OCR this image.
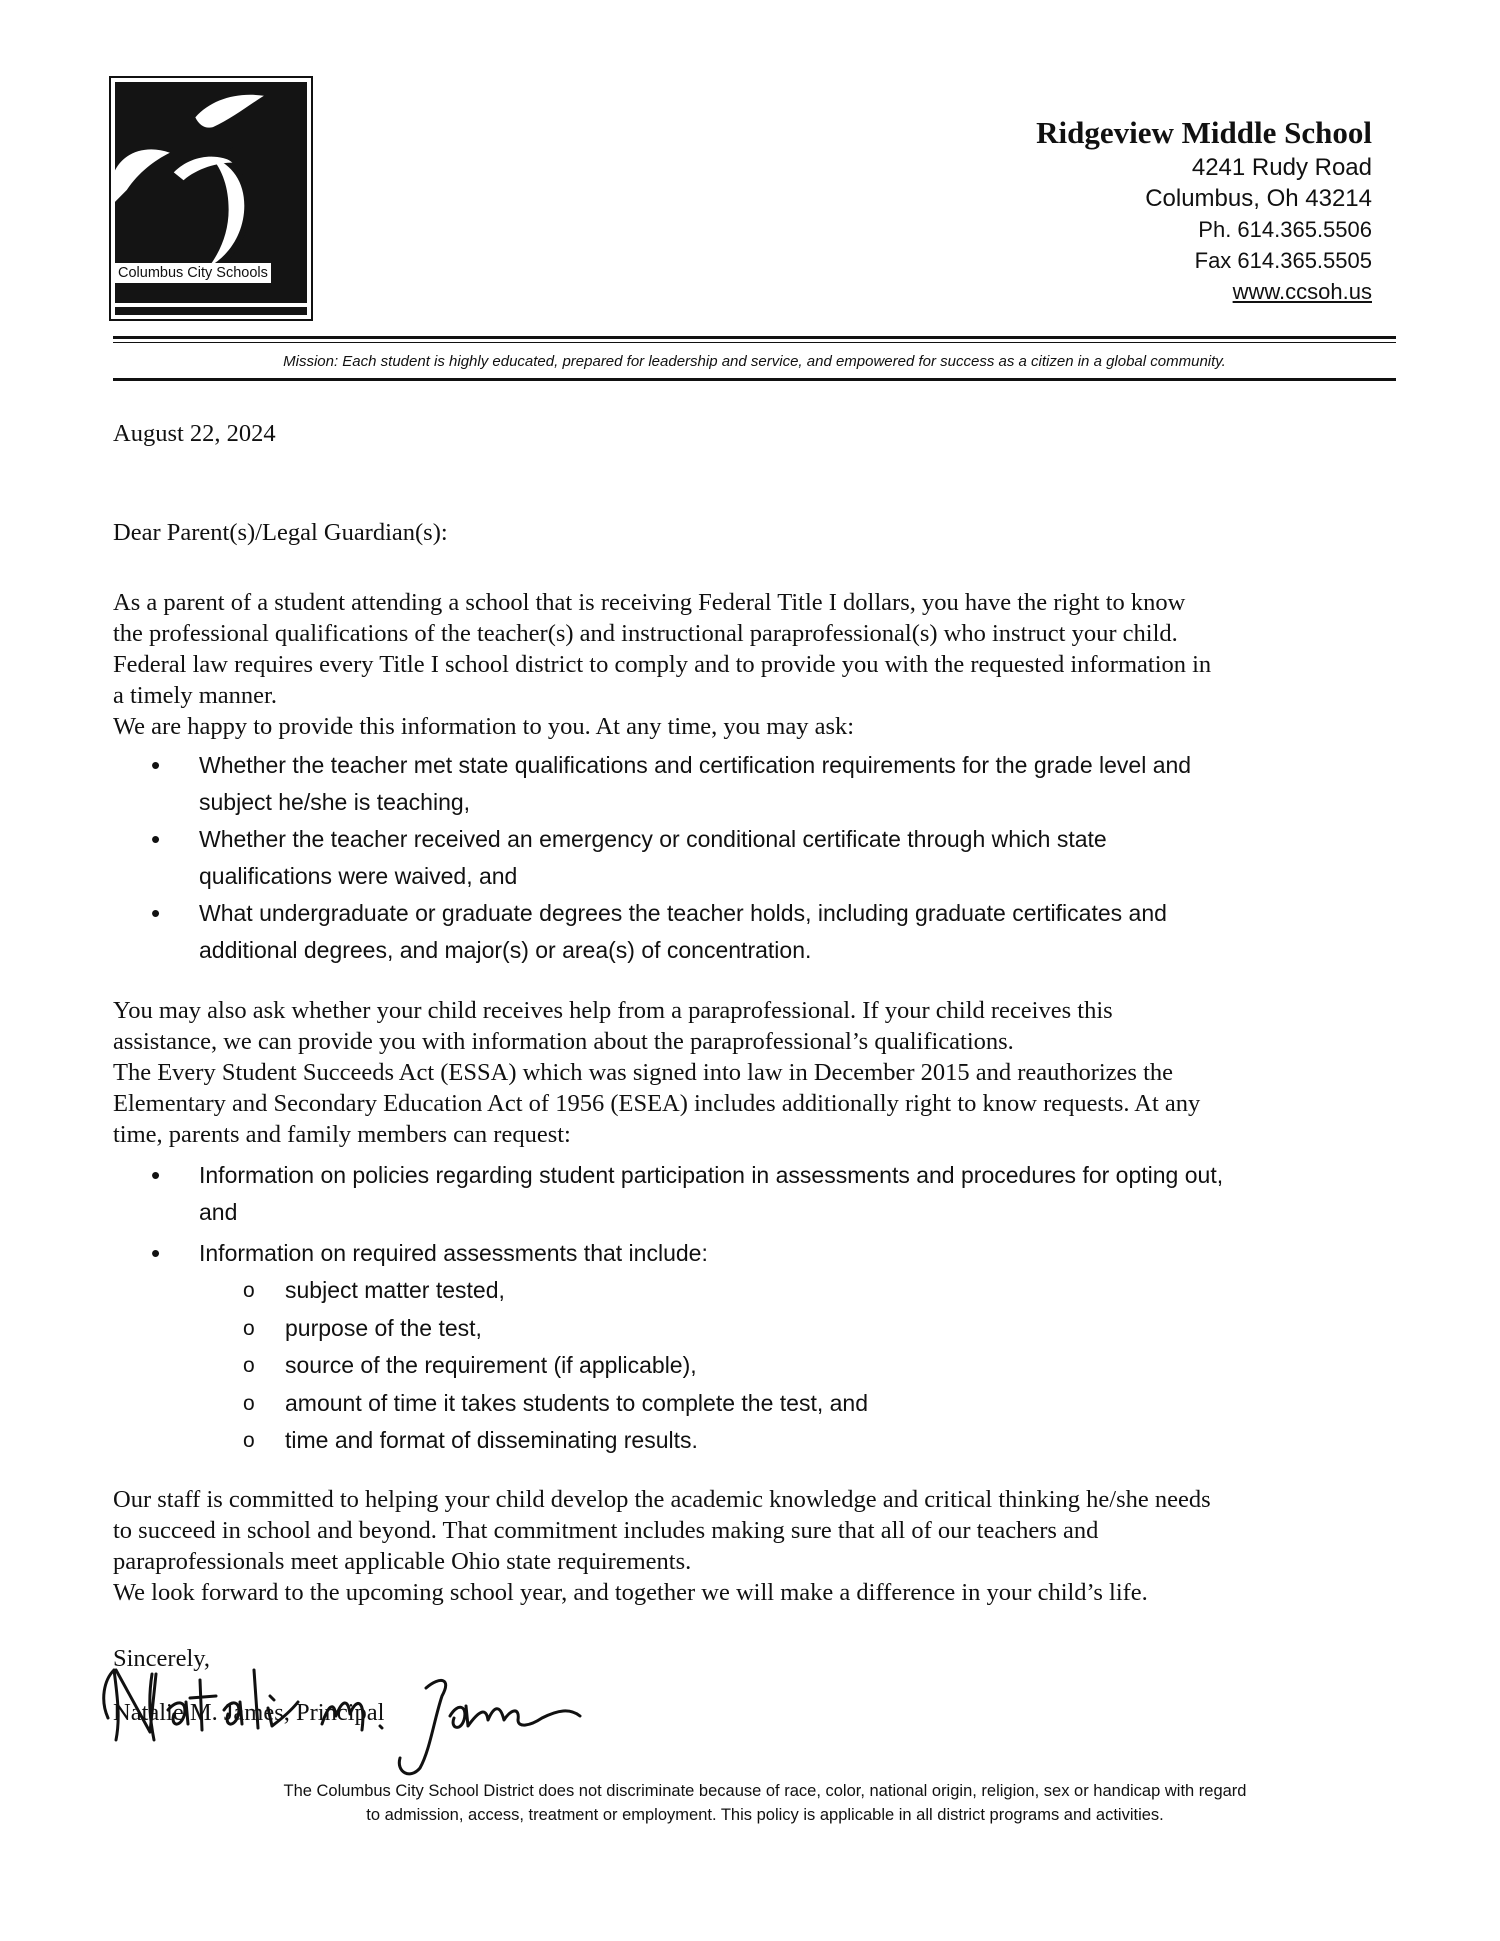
Columbus City Schools
Ridgeview Middle School
4241 Rudy Road
Columbus, Oh 43214
Ph. 614.365.5506
Fax 614.365.5505
www.ccsoh.us
Mission: Each student is highly educated, prepared for leadership and service, and empowered for success as a citizen in a global community.
August 22, 2024
Dear Parent(s)/Legal Guardian(s):

As a parent of a student attending a school that is receiving Federal Title I dollars, you have the right to know

the professional qualifications of the teacher(s) and instructional paraprofessional(s) who instruct your child.

Federal law requires every Title I school district to comply and to provide you with the requested information in

a timely manner.

We are happy to provide this information to you. At any time, you may ask:

• Whether the teacher met state qualifications and certification requirements for the grade level and
subject he/she is teaching,
• Whether the teacher received an emergency or conditional certificate through which state
qualifications were waived, and
• What undergraduate or graduate degrees the teacher holds, including graduate certificates and
additional degrees, and major(s) or area(s) of concentration.

You may also ask whether your child receives help from a paraprofessional. If your child receives this

assistance, we can provide you with information about the paraprofessional’s qualifications.

The Every Student Succeeds Act (ESSA) which was signed into law in December 2015 and reauthorizes the

Elementary and Secondary Education Act of 1956 (ESEA) includes additionally right to know requests. At any

time, parents and family members can request:

• Information on policies regarding student participation in assessments and procedures for opting out,
and
• Information on required assessments that include:
o subject matter tested,
o purpose of the test,
o source of the requirement (if applicable),
o amount of time it takes students to complete the test, and
o time and format of disseminating results.

Our staff is committed to helping your child develop the academic knowledge and critical thinking he/she needs

to succeed in school and beyond. That commitment includes making sure that all of our teachers and

paraprofessionals meet applicable Ohio state requirements.

We look forward to the upcoming school year, and together we will make a difference in your child’s life.

Sincerely,
Natalie M. James, Principal
The Columbus City School District does not discriminate because of race, color, national origin, religion, sex or handicap with regard
to admission, access, treatment or employment. This policy is applicable in all district programs and activities.
